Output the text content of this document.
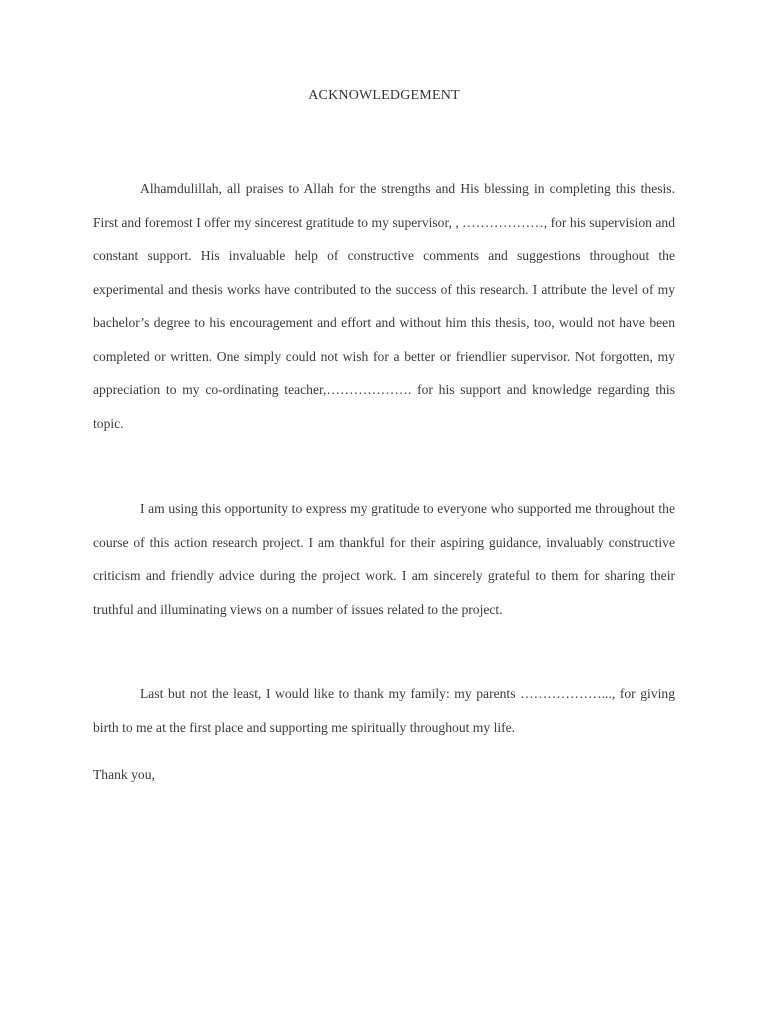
ACKNOWLEDGEMENT

Alhamdulillah, all praises to Allah for the strengths and His blessing in completing this thesis. First and foremost I offer my sincerest gratitude to my supervisor, , ………………, for his supervision and constant support. His invaluable help of constructive comments and suggestions throughout the experimental and thesis works have contributed to the success of this research. I attribute the level of my bachelor’s degree to his encouragement and effort and without him this thesis, too, would not have been completed or written. One simply could not wish for a better or friendlier supervisor. Not forgotten, my appreciation to my co-ordinating teacher,………………. for his support and knowledge regarding this topic.

I am using this opportunity to express my gratitude to everyone who supported me throughout the course of this action research project. I am thankful for their aspiring guidance, invaluably constructive criticism and friendly advice during the project work. I am sincerely grateful to them for sharing their truthful and illuminating views on a number of issues related to the project.

Last but not the least, I would like to thank my family: my parents ………………..., for giving birth to me at the first place and supporting me spiritually throughout my life.

Thank you,
